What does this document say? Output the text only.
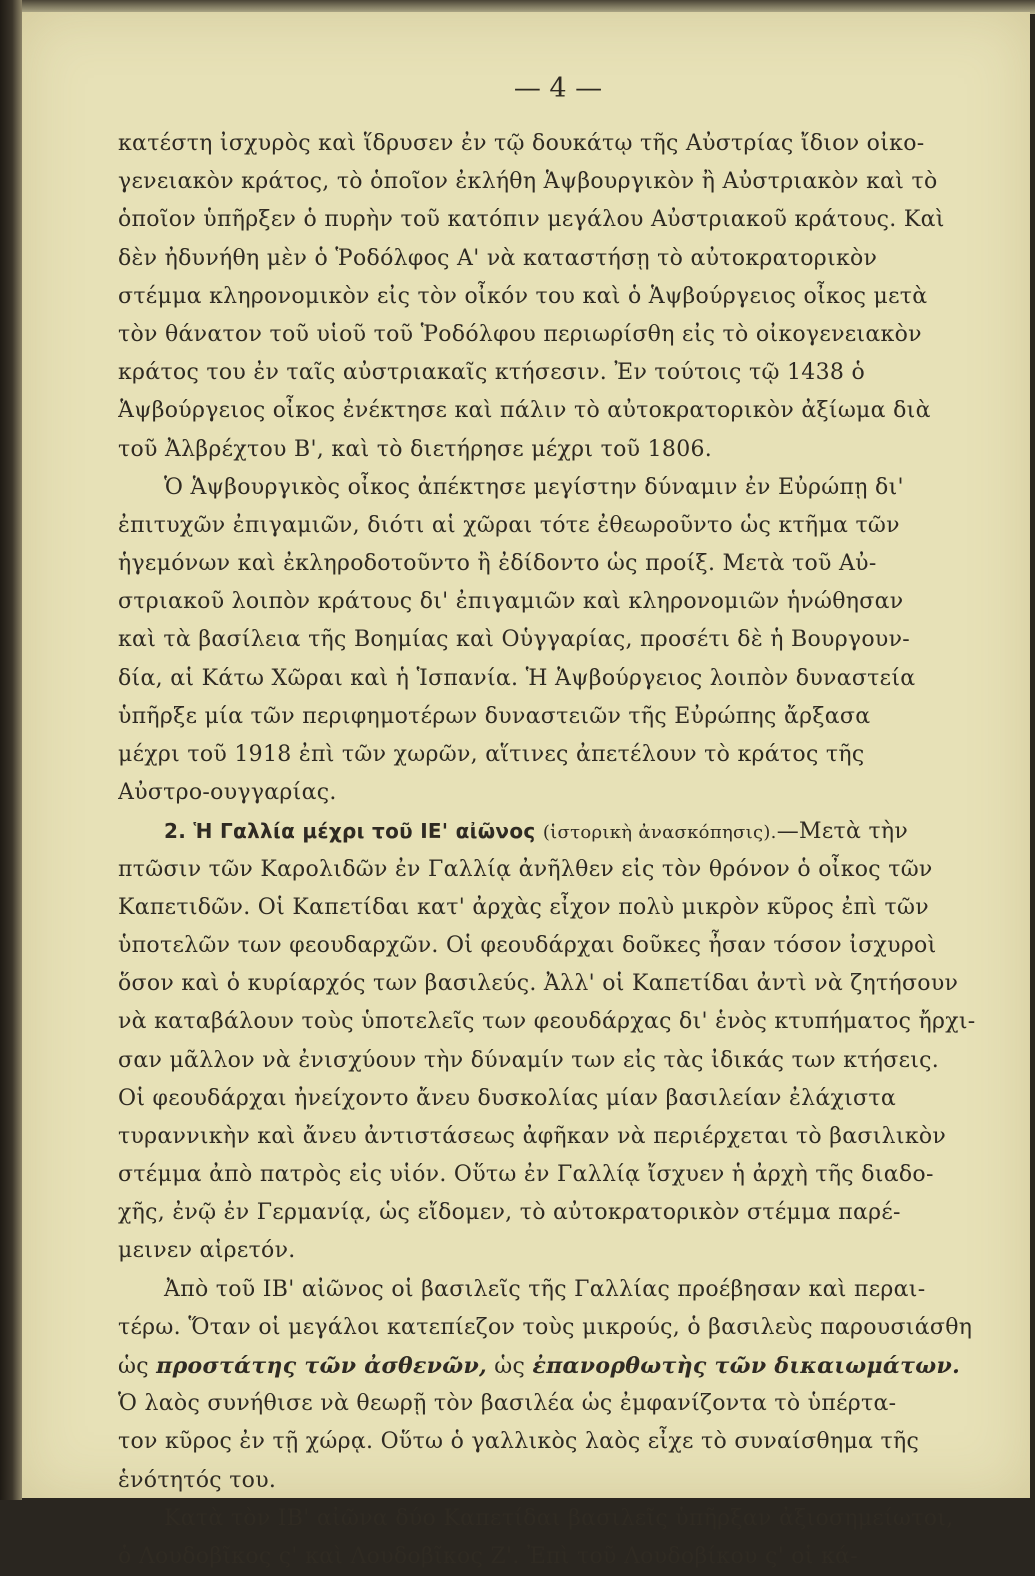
— 4 —
κατέστη ἰσχυρὸς καὶ ἵδρυσεν ἐν τῷ δουκάτῳ τῆς Αὐστρίας ἴδιον οἰκο-
γενειακὸν κράτος, τὸ ὁποῖον ἐκλήθη Ἁψβουργικὸν ἢ Αὐστριακὸν καὶ τὸ
ὁποῖον ὑπῆρξεν ὁ πυρὴν τοῦ κατόπιν μεγάλου Αὐστριακοῦ κράτους. Καὶ
δὲν ἠδυνήθη μὲν ὁ Ῥοδόλφος Α' νὰ καταστήσῃ τὸ αὐτοκρατορικὸν
στέμμα κληρονομικὸν εἰς τὸν οἶκόν του καὶ ὁ Ἁψβούργειος οἶκος μετὰ
τὸν θάνατον τοῦ υἱοῦ τοῦ Ῥοδόλφου περιωρίσθη εἰς τὸ οἰκογενειακὸν
κράτος του ἐν ταῖς αὐστριακαῖς κτήσεσιν. Ἐν τούτοις τῷ 1438 ὁ
Ἁψβούργειος οἶκος ἐνέκτησε καὶ πάλιν τὸ αὐτοκρατορικὸν ἀξίωμα διὰ
τοῦ Ἀλβρέχτου Β', καὶ τὸ διετήρησε μέχρι τοῦ 1806.
Ὁ Ἁψβουργικὸς οἶκος ἀπέκτησε μεγίστην δύναμιν ἐν Εὐρώπῃ δι'
ἐπιτυχῶν ἐπιγαμιῶν, διότι αἱ χῶραι τότε ἐθεωροῦντο ὡς κτῆμα τῶν
ἡγεμόνων καὶ ἐκληροδοτοῦντο ἢ ἐδίδοντο ὡς προίξ. Μετὰ τοῦ Αὐ-
στριακοῦ λοιπὸν κράτους δι' ἐπιγαμιῶν καὶ κληρονομιῶν ἡνώθησαν
καὶ τὰ βασίλεια τῆς Βοημίας καὶ Οὑγγαρίας, προσέτι δὲ ἡ Βουργουν-
δία, αἱ Κάτω Χῶραι καὶ ἡ Ἱσπανία. Ἡ Ἁψβούργειος λοιπὸν δυναστεία
ὑπῆρξε μία τῶν περιφημοτέρων δυναστειῶν τῆς Εὐρώπης ἄρξασα
μέχρι τοῦ 1918 ἐπὶ τῶν χωρῶν, αἵτινες ἀπετέλουν τὸ κράτος τῆς
Αὐστρο-ουγγαρίας.
2. Ἡ Γαλλία μέχρι τοῦ ΙΕ' αἰῶνος (ἱστορικὴ ἀνασκόπησις).—Μετὰ τὴν
πτῶσιν τῶν Καρολιδῶν ἐν Γαλλίᾳ ἀνῆλθεν εἰς τὸν θρόνον ὁ οἶκος τῶν
Καπετιδῶν. Οἱ Καπετίδαι κατ' ἀρχὰς εἶχον πολὺ μικρὸν κῦρος ἐπὶ τῶν
ὑποτελῶν των φεουδαρχῶν. Οἱ φεουδάρχαι δοῦκες ἦσαν τόσον ἰσχυροὶ
ὅσον καὶ ὁ κυρίαρχός των βασιλεύς. Ἀλλ' οἱ Καπετίδαι ἀντὶ νὰ ζητήσουν
νὰ καταβάλουν τοὺς ὑποτελεῖς των φεουδάρχας δι' ἑνὸς κτυπήματος ἤρχι-
σαν μᾶλλον νὰ ἐνισχύουν τὴν δύναμίν των εἰς τὰς ἰδικάς των κτήσεις.
Οἱ φεουδάρχαι ἠνείχοντο ἄνευ δυσκολίας μίαν βασιλείαν ἐλάχιστα
τυραννικὴν καὶ ἄνευ ἀντιστάσεως ἀφῆκαν νὰ περιέρχεται τὸ βασιλικὸν
στέμμα ἀπὸ πατρὸς εἰς υἱόν. Οὕτω ἐν Γαλλίᾳ ἴσχυεν ἡ ἀρχὴ τῆς διαδο-
χῆς, ἐνῷ ἐν Γερμανίᾳ, ὡς εἴδομεν, τὸ αὐτοκρατορικὸν στέμμα παρέ-
μεινεν αἱρετόν.
Ἀπὸ τοῦ ΙΒ' αἰῶνος οἱ βασιλεῖς τῆς Γαλλίας προέβησαν καὶ περαι-
τέρω. Ὅταν οἱ μεγάλοι κατεπίεζον τοὺς μικρούς, ὁ βασιλεὺς παρουσιάσθη
ὡς προστάτης τῶν ἀσθενῶν, ὡς ἐπανορθωτὴς τῶν δικαιωμάτων.
Ὁ λαὸς συνήθισε νὰ θεωρῇ τὸν βασιλέα ὡς ἐμφανίζοντα τὸ ὑπέρτα-
τον κῦρος ἐν τῇ χώρᾳ. Οὕτω ὁ γαλλικὸς λαὸς εἶχε τὸ συναίσθημα τῆς
ἑνότητός του.
Κατὰ τὸν ΙΒ' αἰῶνα δύο Καπετίδαι βασιλεῖς ὑπῆρξαν ἀξιοσημείωτοι,
ὁ Λουδοβῖκος ς' καὶ Λουδοβῖκος Ζ'. Ἐπὶ τοῦ Λουδοβίκου ς' οἱ κά-
